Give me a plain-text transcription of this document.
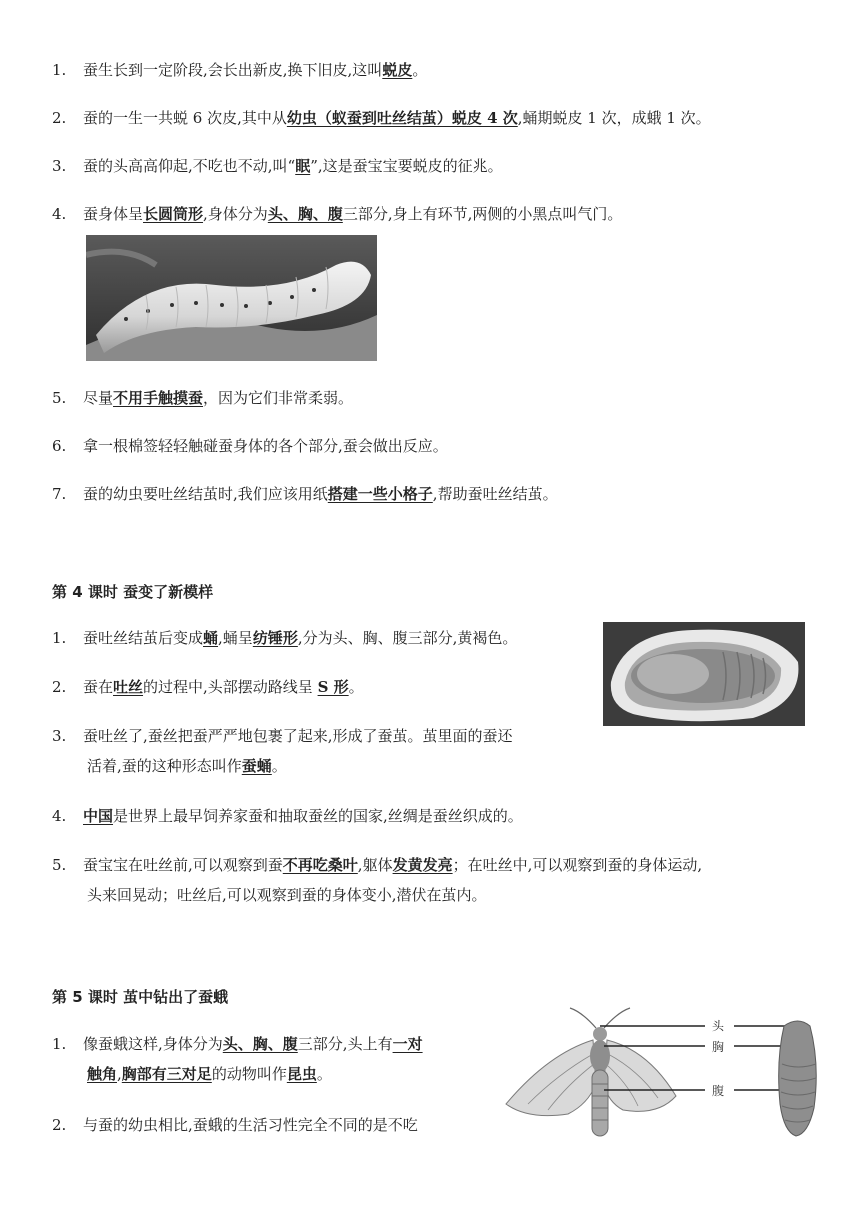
1.	蚕生长到一定阶段,会长出新皮,换下旧皮,这叫蜕皮。
2.	蚕的一生一共蜕 6 次皮,其中从幼虫（蚁蚕到吐丝结茧）蜕皮 4 次,蛹期蜕皮 1 次，成蛾 1 次。
3.	蚕的头高高仰起,不吃也不动,叫“眠”,这是蚕宝宝要蜕皮的征兆。
4.	蚕身体呈长圆筒形,身体分为头、胸、腹三部分,身上有环节,两侧的小黑点叫气门。
5.	尽量不用手触摸蚕，因为它们非常柔弱。
6.	拿一根棉签轻轻触碰蚕身体的各个部分,蚕会做出反应。
7.	蚕的幼虫要吐丝结茧时,我们应该用纸搭建一些小格子,帮助蚕吐丝结茧。
第 4 课时 蚕变了新模样
1.	蚕吐丝结茧后变成蛹,蛹呈纺锤形,分为头、胸、腹三部分,黄褐色。
2.	蚕在吐丝的过程中,头部摆动路线呈 S 形。
3.	蚕吐丝了,蚕丝把蚕严严地包裹了起来,形成了蚕茧。茧里面的蚕还
活着,蚕的这种形态叫作蚕蛹。
4.	中国是世界上最早饲养家蚕和抽取蚕丝的国家,丝绸是蚕丝织成的。
5.	蚕宝宝在吐丝前,可以观察到蚕不再吃桑叶,躯体发黄发亮；在吐丝中,可以观察到蚕的身体运动,
头来回晃动；吐丝后,可以观察到蚕的身体变小,潜伏在茧内。
第 5 课时 茧中钻出了蚕蛾
1.	像蚕蛾这样,身体分为头、胸、腹三部分,头上有一对
触角,胸部有三对足的动物叫作昆虫。
2.	与蚕的幼虫相比,蚕蛾的生活习性完全不同的是不吃
头
胸
腹
